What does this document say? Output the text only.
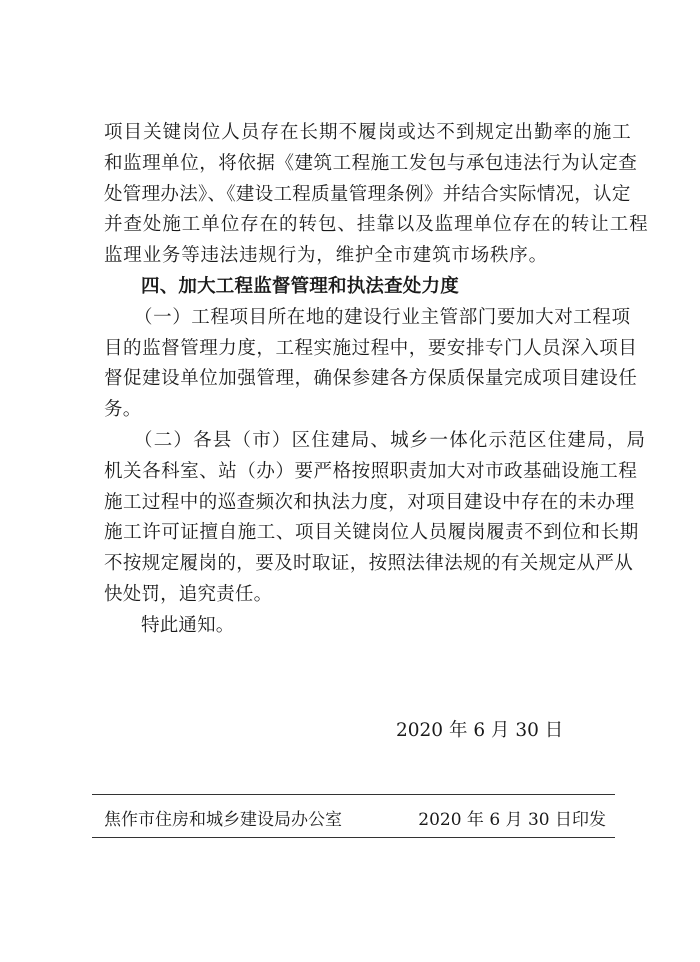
项目关键岗位人员存在长期不履岗或达不到规定出勤率的施工
和监理单位，将依据《建筑工程施工发包与承包违法行为认定查
处管理办法》、《建设工程质量管理条例》并结合实际情况，认定
并查处施工单位存在的转包、挂靠以及监理单位存在的转让工程
监理业务等违法违规行为，维护全市建筑市场秩序。
四、加大工程监督管理和执法查处力度
（一）工程项目所在地的建设行业主管部门要加大对工程项
目的监督管理力度，工程实施过程中，要安排专门人员深入项目
督促建设单位加强管理，确保参建各方保质保量完成项目建设任
务。
（二）各县（市）区住建局、城乡一体化示范区住建局，局
机关各科室、站（办）要严格按照职责加大对市政基础设施工程
施工过程中的巡查频次和执法力度，对项目建设中存在的未办理
施工许可证擅自施工、项目关键岗位人员履岗履责不到位和长期
不按规定履岗的，要及时取证，按照法律法规的有关规定从严从
快处罚，追究责任。
特此通知。
2020 年 6 月 30 日
焦作市住房和城乡建设局办公室	2020 年 6 月 30 日印发
